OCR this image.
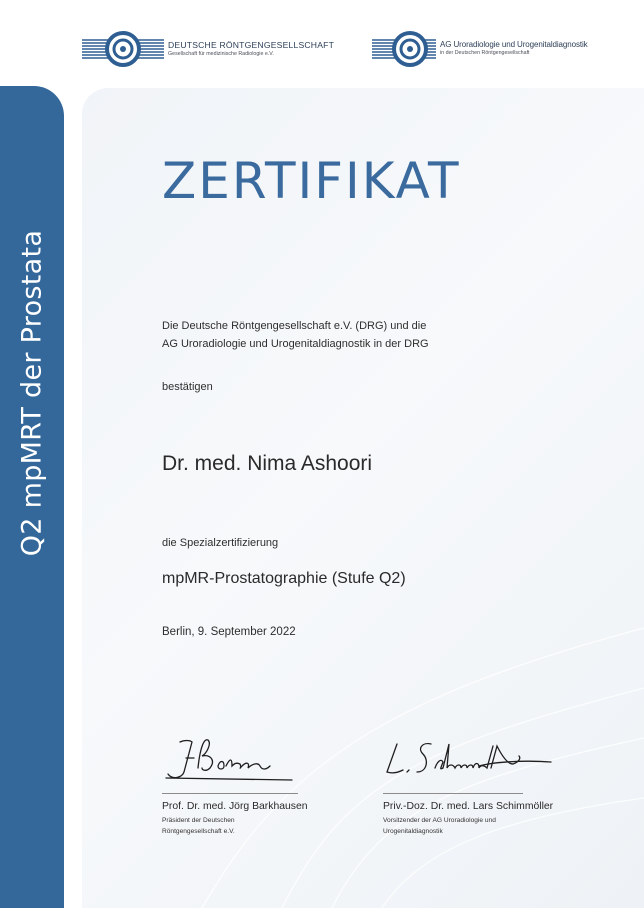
DEUTSCHE RÖNTGENGESELLSCHAFT
Gesellschaft für medizinische Radiologie e.V.
AG Uroradiologie und Urogenitaldiagnostik
in der Deutschen Röntgengesellschaft
Q2 mpMRT der Prostata
ZERTIFIKAT
Die Deutsche Röntgengesellschaft e.V. (DRG) und die
AG Uroradiologie und Urogenitaldiagnostik in der DRG
bestätigen
Dr. med. Nima Ashoori
die Spezialzertifizierung
mpMR-Prostatographie (Stufe Q2)
Berlin, 9. September 2022
Prof. Dr. med. Jörg Barkhausen
Präsident der Deutschen
Röntgengesellschaft e.V.
Priv.-Doz. Dr. med. Lars Schimmöller
Vorsitzender der AG Uroradiologie und
Urogenitaldiagnostik
